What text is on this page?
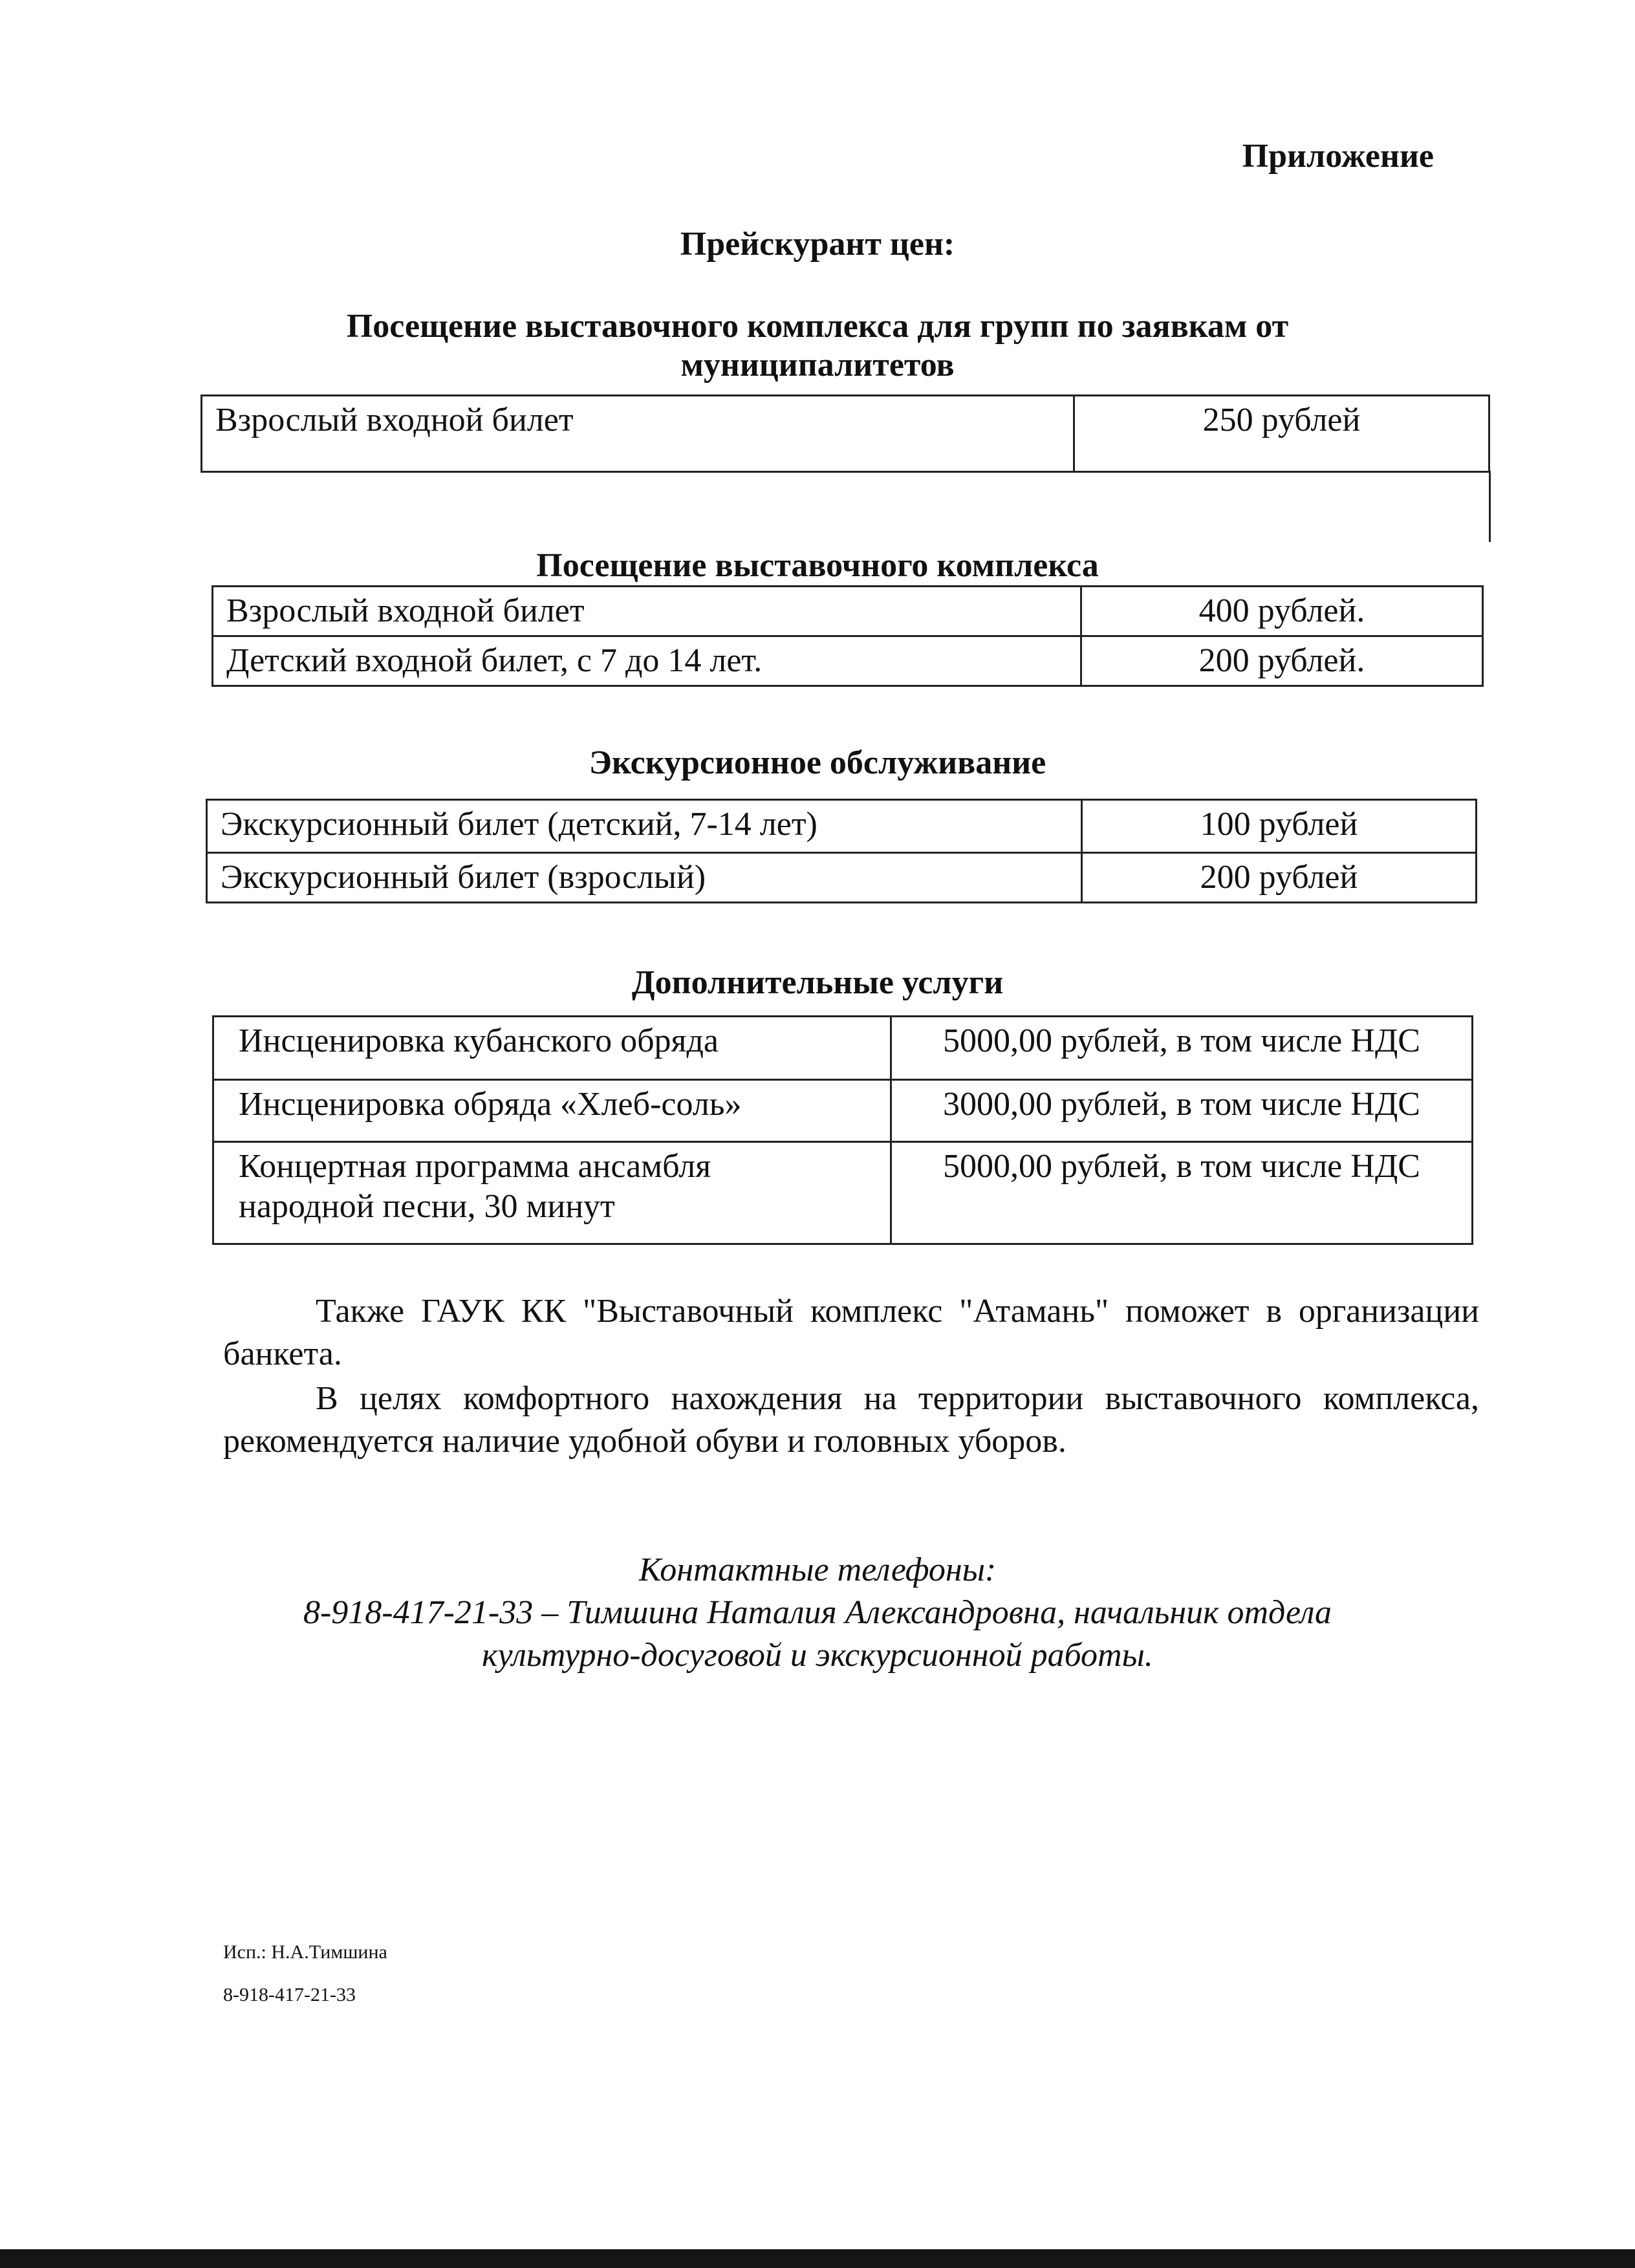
Приложение
Прейскурант цен:
Посещение выставочного комплекса для групп по заявкам от
муниципалитетов
Взрослый входной билет	250 рублей
Посещение выставочного комплекса
Взрослый входной билет	400 рублей.
Детский входной билет, с 7 до 14 лет.	200 рублей.
Экскурсионное обслуживание
Экскурсионный билет (детский, 7-14 лет)	100 рублей
Экскурсионный билет (взрослый)	200 рублей
Дополнительные услуги
Инсценировка кубанского обряда	5000,00 рублей, в том числе НДС
Инсценировка обряда «Хлеб-соль»	3000,00 рублей, в том числе НДС

Концертная программа ансамбля
народной песни, 30 минут	5000,00 рублей, в том числе НДС
Также ГАУК КК "Выставочный комплекс "Атамань" поможет в организации банкета.
В целях комфортного нахождения на территории выставочного комплекса, рекомендуется наличие удобной обуви и головных уборов.
Контактные телефоны:
8-918-417-21-33 – Тимшина Наталия Александровна, начальник отдела
культурно-досуговой и экскурсионной работы.
Исп.: Н.А.Тимшина
8-918-417-21-33
